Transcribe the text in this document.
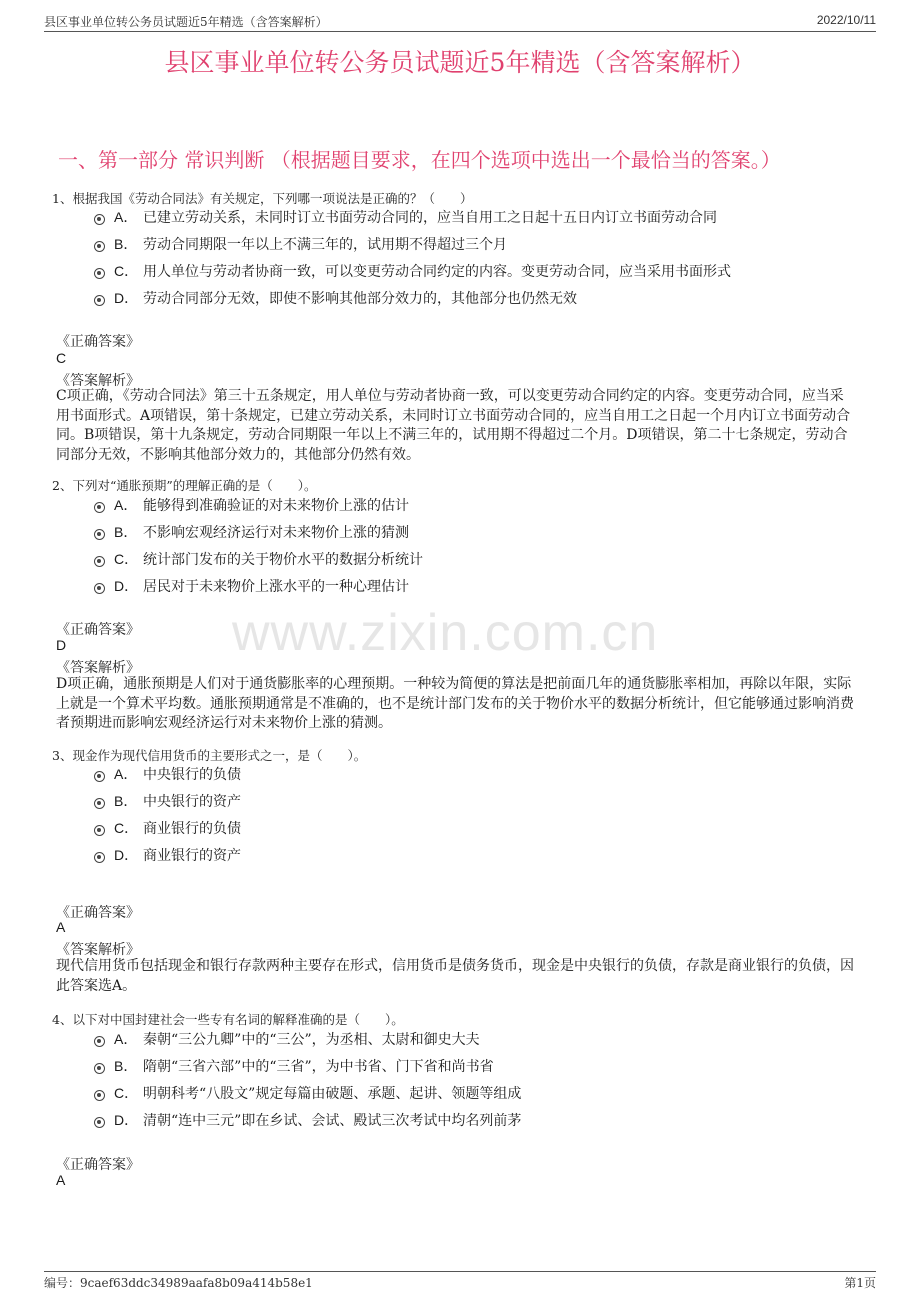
县区事业单位转公务员试题近5年精选（含答案解析）	2022/10/11
县区事业单位转公务员试题近5年精选（含答案解析）
一、第一部分 常识判断 （根据题目要求，在四个选项中选出一个最恰当的答案。）
www.zixin.com.cn
1、根据我国《劳动合同法》有关规定，下列哪一项说法是正确的？（　　）
A． 已建立劳动关系，未同时订立书面劳动合同的，应当自用工之日起十五日内订立书面劳动合同
B． 劳动合同期限一年以上不满三年的，试用期不得超过三个月
C． 用人单位与劳动者协商一致，可以变更劳动合同约定的内容。变更劳动合同，应当采用书面形式
D． 劳动合同部分无效，即使不影响其他部分效力的，其他部分也仍然无效
《正确答案》
C
《答案解析》
C项正确，《劳动合同法》第三十五条规定，用人单位与劳动者协商一致，可以变更劳动合同约定的内容。变更劳动合同，应当采用书面形式。A项错误，第十条规定，已建立劳动关系，未同时订立书面劳动合同的，应当自用工之日起一个月内订立书面劳动合同。B项错误，第十九条规定，劳动合同期限一年以上不满三年的，试用期不得超过二个月。D项错误，第二十七条规定，劳动合同部分无效，不影响其他部分效力的，其他部分仍然有效。
2、下列对“通胀预期”的理解正确的是（　　）。
A． 能够得到准确验证的对未来物价上涨的估计
B． 不影响宏观经济运行对未来物价上涨的猜测
C． 统计部门发布的关于物价水平的数据分析统计
D． 居民对于未来物价上涨水平的一种心理估计
《正确答案》
D
《答案解析》
D项正确，通胀预期是人们对于通货膨胀率的心理预期。一种较为简便的算法是把前面几年的通货膨胀率相加，再除以年限，实际上就是一个算术平均数。通胀预期通常是不准确的，也不是统计部门发布的关于物价水平的数据分析统计，但它能够通过影响消费者预期进而影响宏观经济运行对未来物价上涨的猜测。
3、现金作为现代信用货币的主要形式之一，是（　　）。
A． 中央银行的负债
B． 中央银行的资产
C． 商业银行的负债
D． 商业银行的资产
《正确答案》
A
《答案解析》
现代信用货币包括现金和银行存款两种主要存在形式，信用货币是债务货币，现金是中央银行的负债，存款是商业银行的负债，因此答案选A。
4、以下对中国封建社会一些专有名词的解释准确的是（　　）。
A． 秦朝“三公九卿”中的“三公”，为丞相、太尉和御史大夫
B． 隋朝“三省六部”中的“三省”，为中书省、门下省和尚书省
C． 明朝科考“八股文”规定每篇由破题、承题、起讲、领题等组成
D． 清朝“连中三元”即在乡试、会试、殿试三次考试中均名列前茅
《正确答案》
A
编号：9caef63ddc34989aafa8b09a414b58e1	第1页
